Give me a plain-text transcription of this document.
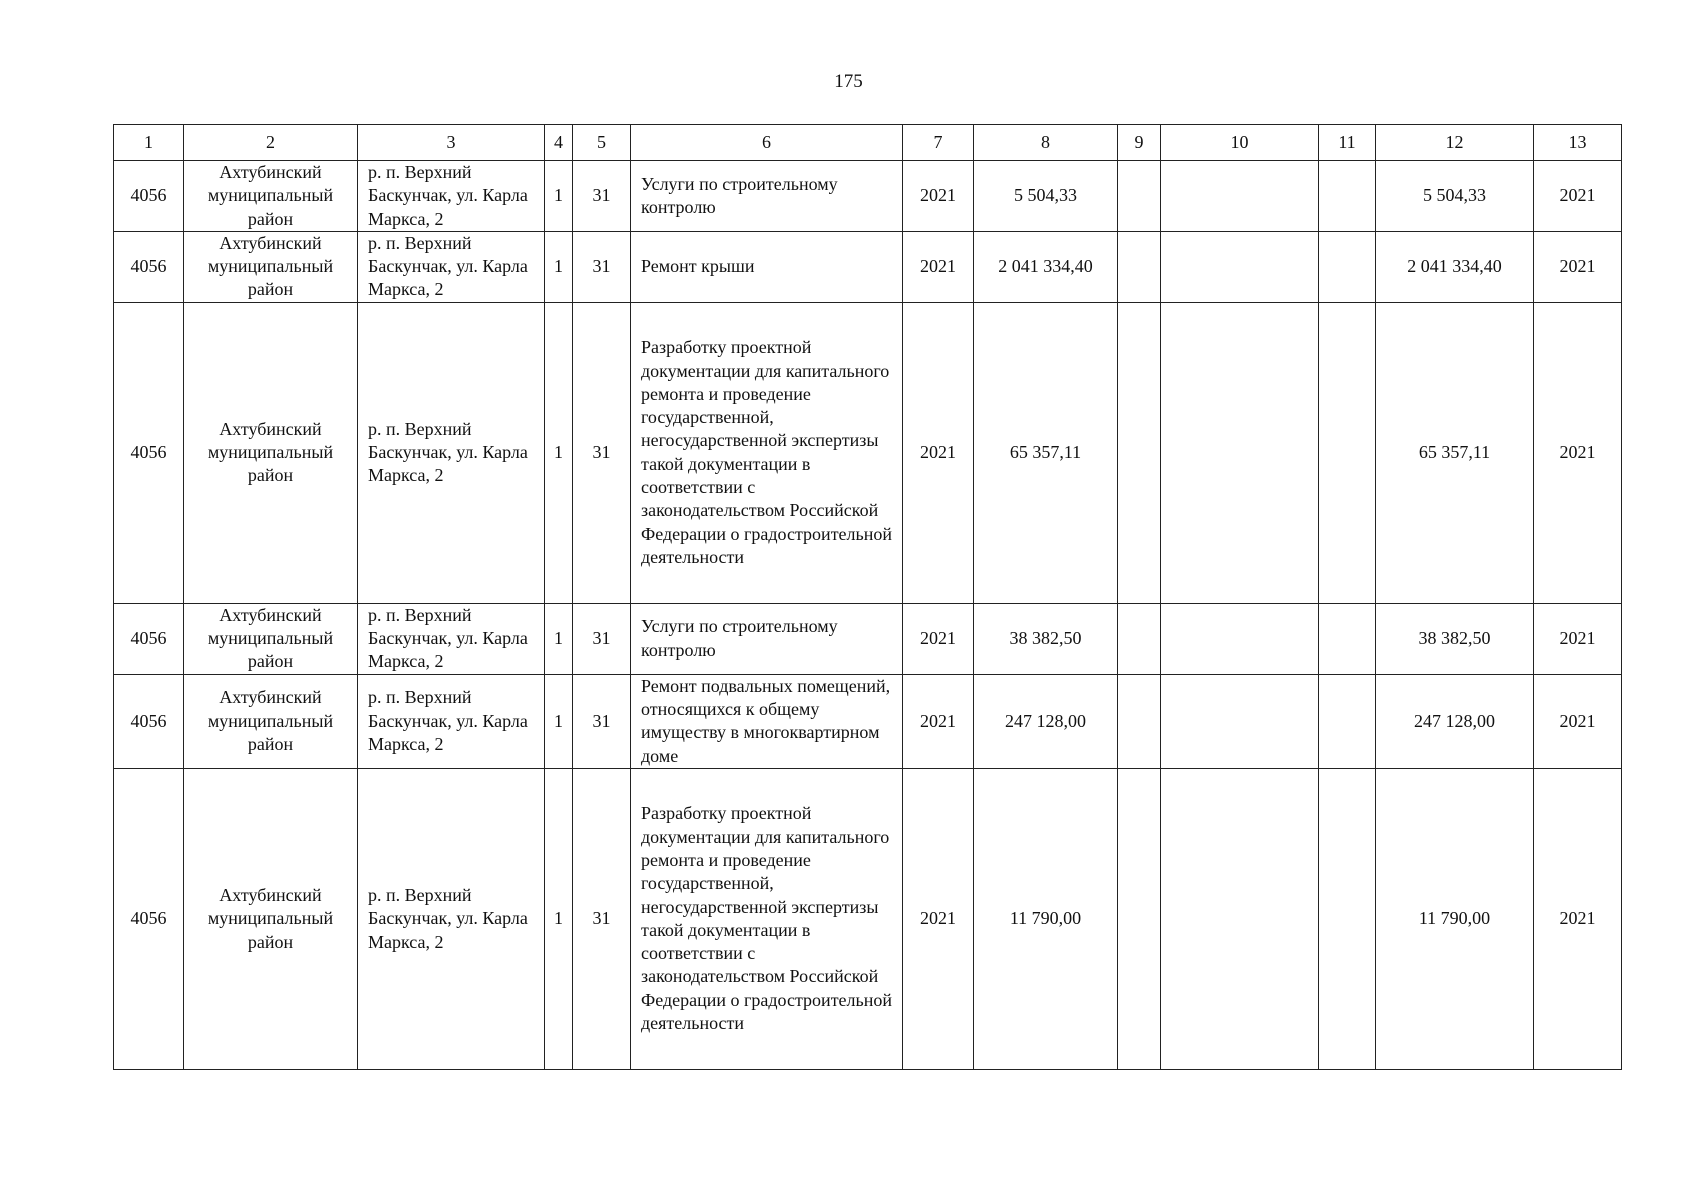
175
1	2	3	4	5	6	7	8	9	10	11	12	13
4056	Ахтубинский муниципальный район	р. п. Верхний Баскунчак, ул. Карла Маркса, 2	1	31	Услуги по строительному контролю	2021	5 504,33				5 504,33	2021
4056	Ахтубинский муниципальный район	р. п. Верхний Баскунчак, ул. Карла Маркса, 2	1	31	Ремонт крыши	2021	2 041 334,40				2 041 334,40	2021
4056	Ахтубинский муниципальный район	р. п. Верхний Баскунчак, ул. Карла Маркса, 2	1	31	Разработку проектной документации для капитального ремонта и проведение государственной, негосударственной экспертизы такой документации в соответствии с законодательством Российской Федерации о градостроительной деятельности	2021	65 357,11				65 357,11	2021
4056	Ахтубинский муниципальный район	р. п. Верхний Баскунчак, ул. Карла Маркса, 2	1	31	Услуги по строительному контролю	2021	38 382,50				38 382,50	2021
4056	Ахтубинский муниципальный район	р. п. Верхний Баскунчак, ул. Карла Маркса, 2	1	31	Ремонт подвальных помещений, относящихся к общему имуществу в многоквартирном доме	2021	247 128,00				247 128,00	2021
4056	Ахтубинский муниципальный район	р. п. Верхний Баскунчак, ул. Карла Маркса, 2	1	31	Разработку проектной документации для капитального ремонта и проведение государственной, негосударственной экспертизы такой документации в соответствии с законодательством Российской Федерации о градостроительной деятельности	2021	11 790,00				11 790,00	2021
